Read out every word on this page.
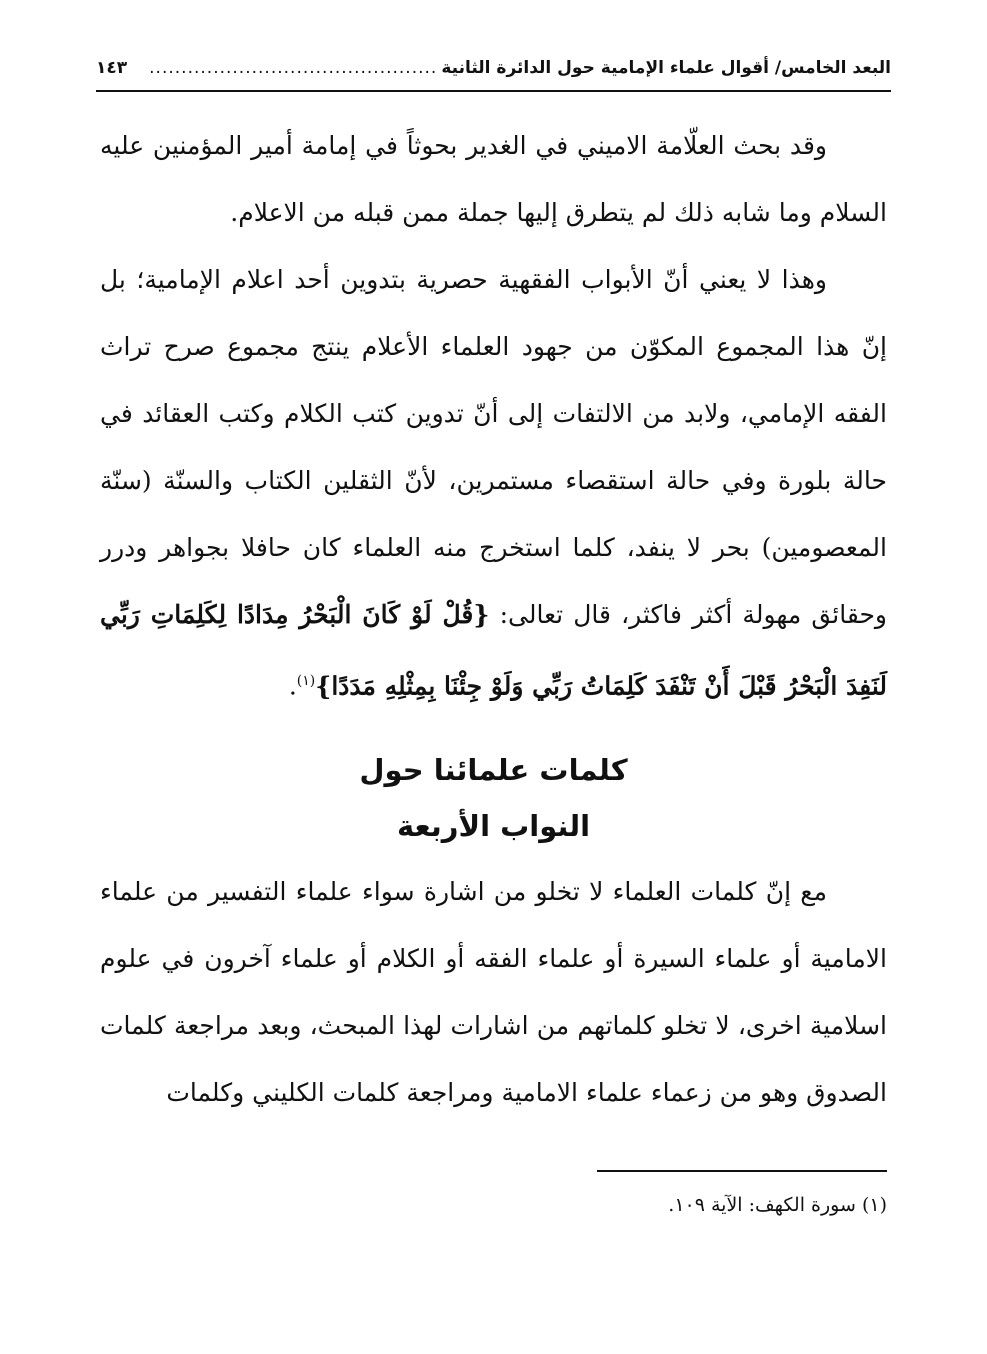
البعد الخامس/ أقوال علماء الإمامية حول الدائرة الثانية
.............................................
١٤٣

وقد بحث العلّامة الاميني في الغدير بحوثاً في إمامة أمير المؤمنين عليه السلام وما شابه ذلك لم يتطرق إليها جملة ممن قبله من الاعلام.

وهذا لا يعني أنّ الأبواب الفقهية حصرية بتدوين أحد اعلام الإمامية؛ بل إنّ هذا المجموع المكوّن من جهود العلماء الأعلام ينتج مجموع صرح تراث الفقه الإمامي، ولابد من الالتفات إلى أنّ تدوين كتب الكلام وكتب العقائد في حالة بلورة وفي حالة استقصاء مستمرين، لأنّ الثقلين الكتاب والسنّة (سنّة المعصومين) بحر لا ينفد، كلما استخرج منه العلماء كان حافلا بجواهر ودرر وحقائق مهولة أكثر فاكثر، قال تعالى: {قُلْ لَوْ كَانَ الْبَحْرُ مِدَادًا لِكَلِمَاتِ رَبِّي لَنَفِدَ الْبَحْرُ قَبْلَ أَنْ تَنْفَدَ كَلِمَاتُ رَبِّي وَلَوْ جِئْنَا بِمِثْلِهِ مَدَدًا}$^{(١)}$.

كلمات علمائنا حول
النواب الأربعة

مع إنّ كلمات العلماء لا تخلو من اشارة سواء علماء التفسير من علماء الامامية أو علماء السيرة أو علماء الفقه أو الكلام أو علماء آخرون في علوم اسلامية اخرى، لا تخلو كلماتهم من اشارات لهذا المبحث، وبعد مراجعة كلمات الصدوق وهو من زعماء علماء الامامية ومراجعة كلمات الكليني وكلمات

(١) سورة الكهف: الآية ١٠٩.
